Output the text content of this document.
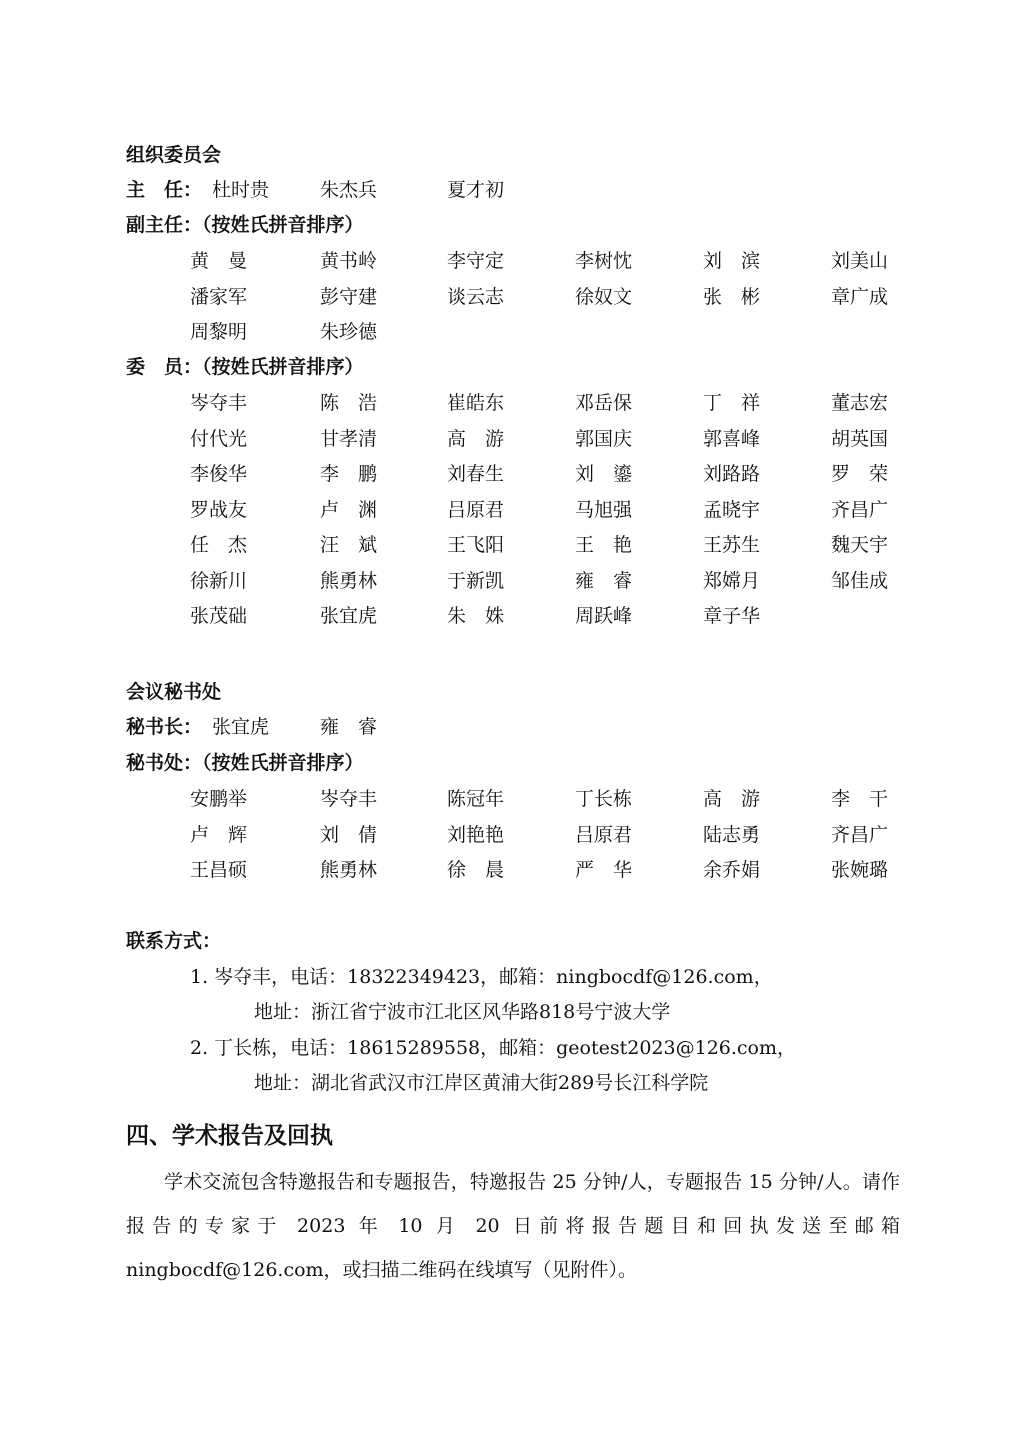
组织委员会
主　任： 杜时贵	朱杰兵	夏才初
副主任：（按姓氏拼音排序）
黄　曼	黄书岭	李守定	李树忱	刘　滨	刘美山
潘家军	彭守建	谈云志	徐奴文	张　彬	章广成
周黎明	朱珍德
委　员：（按姓氏拼音排序）
岑夺丰	陈　浩	崔皓东	邓岳保	丁　祥	董志宏
付代光	甘孝清	高　游	郭国庆	郭喜峰	胡英国
李俊华	李　鹏	刘春生	刘　鎏	刘路路	罗　荣
罗战友	卢　渊	吕原君	马旭强	孟晓宇	齐昌广
任　杰	汪　斌	王飞阳	王　艳	王苏生	魏天宇
徐新川	熊勇林	于新凯	雍　睿	郑嫦月	邹佳成
张茂础	张宜虎	朱　姝	周跃峰	章子华
会议秘书处
秘书长： 张宜虎	雍　睿
秘书处：（按姓氏拼音排序）
安鹏举	岑夺丰	陈冠年	丁长栋	高　游	李　干
卢　辉	刘　倩	刘艳艳	吕原君	陆志勇	齐昌广
王昌硕	熊勇林	徐　晨	严　华	余乔娟	张婉璐
联系方式：
1. 岑夺丰，电话：18322349423，邮箱：ningbocdf@126.com，
地址：浙江省宁波市江北区风华路818号宁波大学
2. 丁长栋，电话：18615289558，邮箱：geotest2023@126.com，
地址：湖北省武汉市江岸区黄浦大街289号长江科学院
四、学术报告及回执
学术交流包含特邀报告和专题报告，特邀报告 25 分钟/人，专题报告 15 分钟/人。请作报告的专家于 2023 年 10 月 20 日前将报告题目和回执发送至邮箱ningbocdf@126.com，或扫描二维码在线填写（见附件）。
